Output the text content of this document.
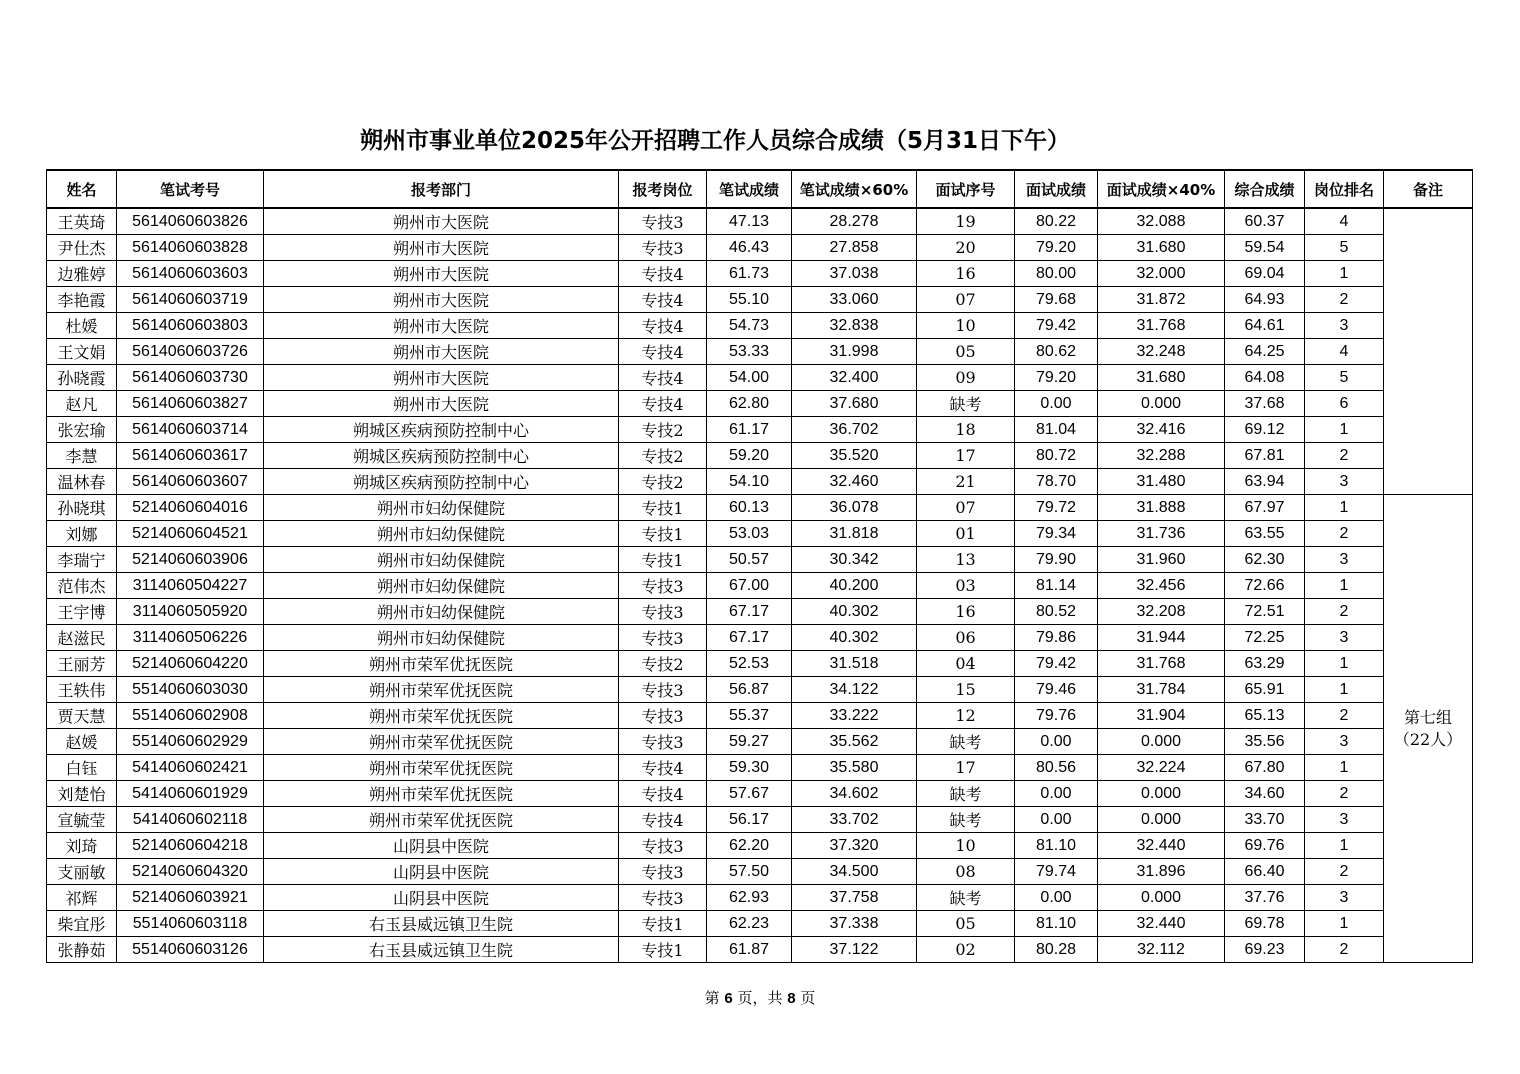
朔州市事业单位2025年公开招聘工作人员综合成绩（5月31日下午）
姓名	笔试考号	报考部门	报考岗位	笔试成绩	笔试成绩×60%	面试序号	面试成绩	面试成绩×40%	综合成绩	岗位排名	备注
王英琦	5614060603826	朔州市大医院	专技3	47.13	28.278	19	80.22	32.088	60.37	4	
尹仕杰	5614060603828	朔州市大医院	专技3	46.43	27.858	20	79.20	31.680	59.54	5	
边雅婷	5614060603603	朔州市大医院	专技4	61.73	37.038	16	80.00	32.000	69.04	1	
李艳霞	5614060603719	朔州市大医院	专技4	55.10	33.060	07	79.68	31.872	64.93	2	
杜媛	5614060603803	朔州市大医院	专技4	54.73	32.838	10	79.42	31.768	64.61	3	
王文娟	5614060603726	朔州市大医院	专技4	53.33	31.998	05	80.62	32.248	64.25	4	
孙晓霞	5614060603730	朔州市大医院	专技4	54.00	32.400	09	79.20	31.680	64.08	5	
赵凡	5614060603827	朔州市大医院	专技4	62.80	37.680	缺考	0.00	0.000	37.68	6	
张宏瑜	5614060603714	朔城区疾病预防控制中心	专技2	61.17	36.702	18	81.04	32.416	69.12	1	
李慧	5614060603617	朔城区疾病预防控制中心	专技2	59.20	35.520	17	80.72	32.288	67.81	2	
温林春	5614060603607	朔城区疾病预防控制中心	专技2	54.10	32.460	21	78.70	31.480	63.94	3	
孙晓琪	5214060604016	朔州市妇幼保健院	专技1	60.13	36.078	07	79.72	31.888	67.97	1	第七组
（22人）

刘娜	5214060604521	朔州市妇幼保健院	专技1	53.03	31.818	01	79.34	31.736	63.55	2	
李瑞宁	5214060603906	朔州市妇幼保健院	专技1	50.57	30.342	13	79.90	31.960	62.30	3	
范伟杰	3114060504227	朔州市妇幼保健院	专技3	67.00	40.200	03	81.14	32.456	72.66	1	
王宇博	3114060505920	朔州市妇幼保健院	专技3	67.17	40.302	16	80.52	32.208	72.51	2	
赵滋民	3114060506226	朔州市妇幼保健院	专技3	67.17	40.302	06	79.86	31.944	72.25	3	
王丽芳	5214060604220	朔州市荣军优抚医院	专技2	52.53	31.518	04	79.42	31.768	63.29	1	
王轶伟	5514060603030	朔州市荣军优抚医院	专技3	56.87	34.122	15	79.46	31.784	65.91	1	
贾天慧	5514060602908	朔州市荣军优抚医院	专技3	55.37	33.222	12	79.76	31.904	65.13	2	
赵媛	5514060602929	朔州市荣军优抚医院	专技3	59.27	35.562	缺考	0.00	0.000	35.56	3	
白钰	5414060602421	朔州市荣军优抚医院	专技4	59.30	35.580	17	80.56	32.224	67.80	1	
刘楚怡	5414060601929	朔州市荣军优抚医院	专技4	57.67	34.602	缺考	0.00	0.000	34.60	2	
宣毓莹	5414060602118	朔州市荣军优抚医院	专技4	56.17	33.702	缺考	0.00	0.000	33.70	3	
刘琦	5214060604218	山阴县中医院	专技3	62.20	37.320	10	81.10	32.440	69.76	1	
支丽敏	5214060604320	山阴县中医院	专技3	57.50	34.500	08	79.74	31.896	66.40	2	
祁辉	5214060603921	山阴县中医院	专技3	62.93	37.758	缺考	0.00	0.000	37.76	3	
柴宜彤	5514060603118	右玉县威远镇卫生院	专技1	62.23	37.338	05	81.10	32.440	69.78	1	
张静茹	5514060603126	右玉县威远镇卫生院	专技1	61.87	37.122	02	80.28	32.112	69.23	2	
第 6 页，共 8 页
